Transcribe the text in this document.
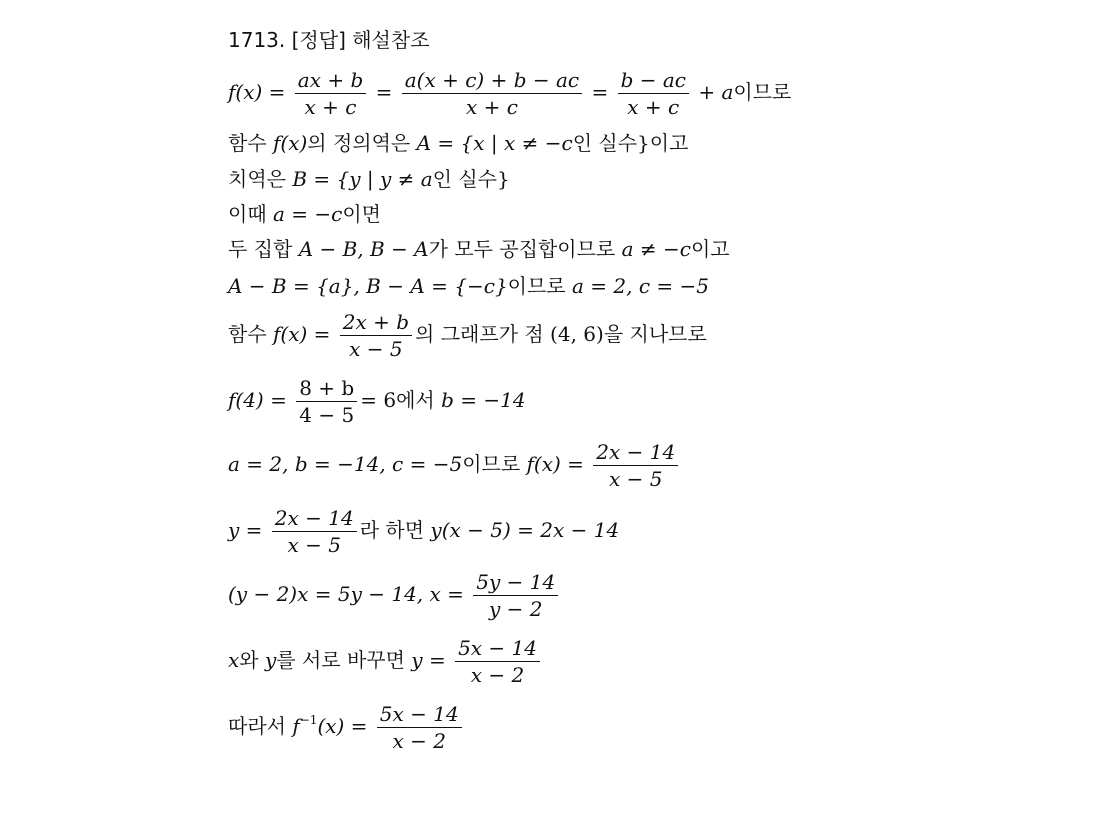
1713. [정답] 해설참조
$f(x) = \frac{ax + b}{x + c} = \frac{a(x + c) + b - ac}{x + c} = \frac{b - ac}{x + c} + a$이므로
함수 f(x)의 정의역은 A = {x | x ≠ −c인 실수}이고
치역은 B = {y | y ≠ a인 실수}
이때 a = −c이면
두 집합 A − B, B − A가 모두 공집합이므로 a ≠ −c이고
A − B = {a}, B − A = {−c}이므로 a = 2, c = −5
함수 $f(x) = \frac{2x + b}{x - 5}$ 의 그래프가 점 (4, 6)을 지나므로
$f(4) = \frac{8 + b}{4 - 5} = 6$에서 b = −14
a = 2, b = −14, c = −5이므로 $f(x) = \frac{2x - 14}{x - 5}$
$y = \frac{2x - 14}{x - 5}$ 라 하면 y(x − 5) = 2x − 14
(y − 2)x = 5y − 14, $x = \frac{5y - 14}{y - 2}$
x와 y를 서로 바꾸면 $y = \frac{5x - 14}{x - 2}$
따라서 $f^{-1}(x) = \frac{5x - 14}{x - 2}$
